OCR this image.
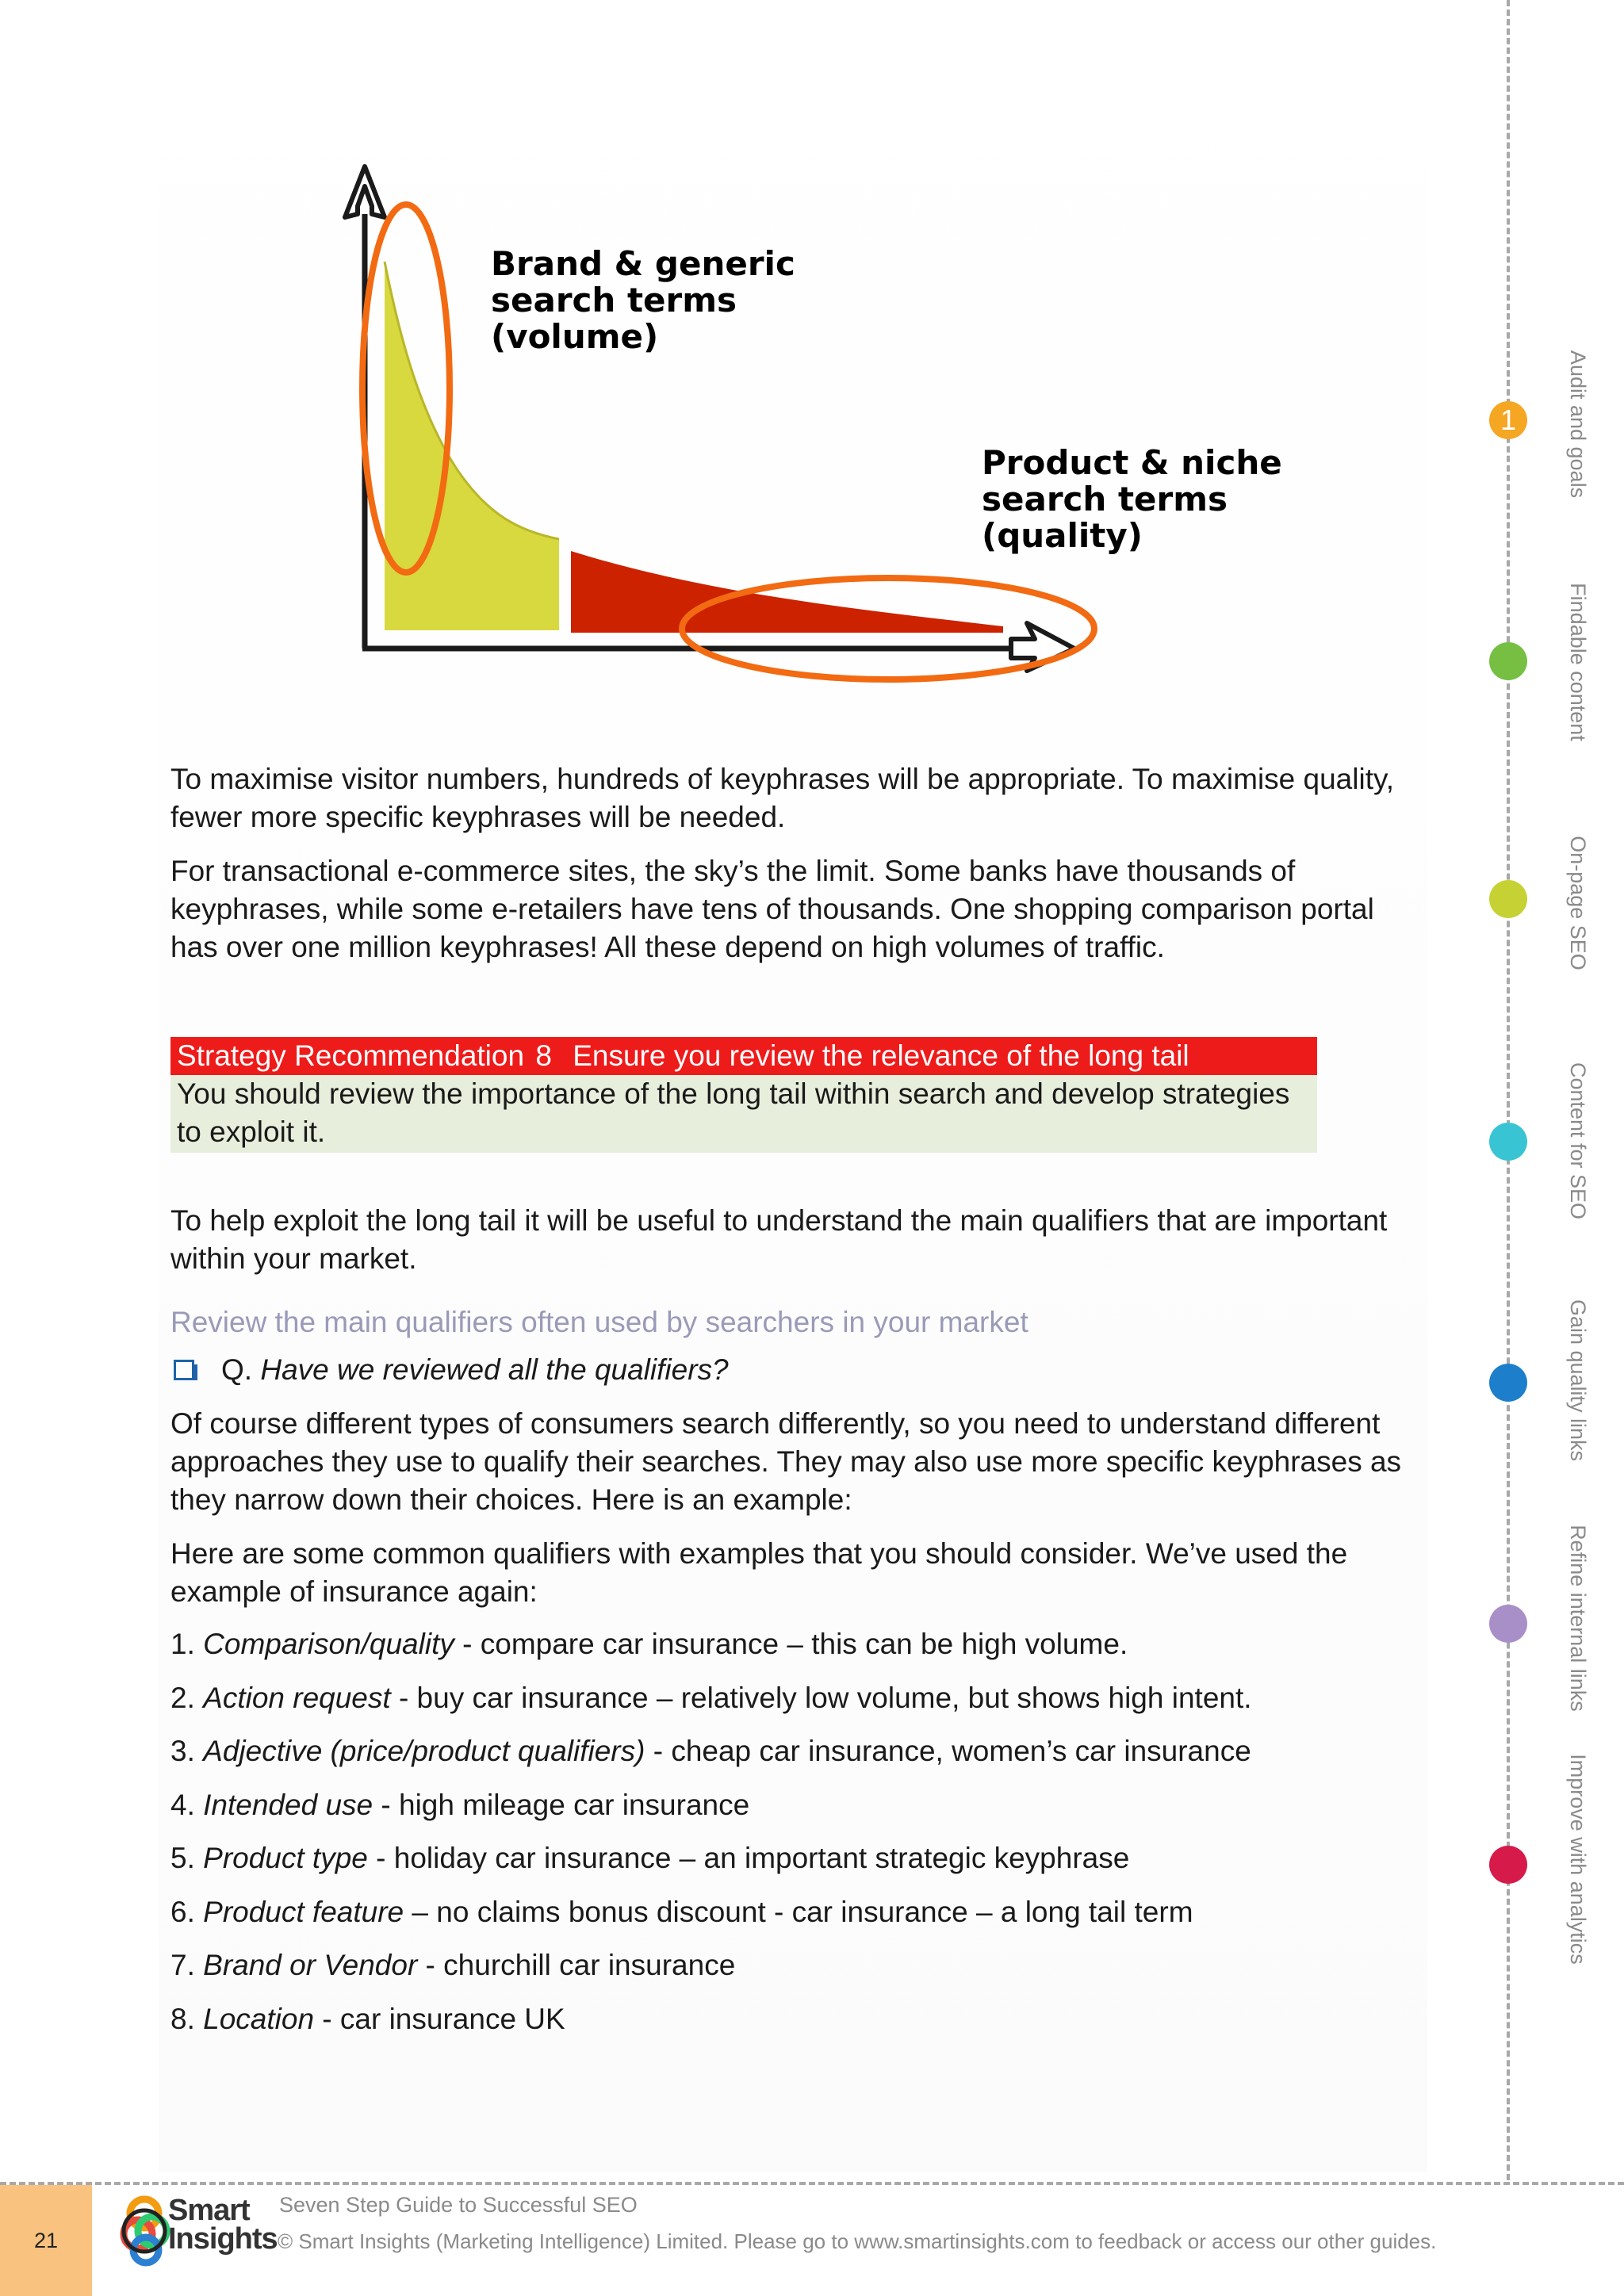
Brand & generic
search terms
(volume)
Product & niche
search terms
(quality)

To maximise visitor numbers, hundreds of keyphrases will be appropriate. To maximise quality, fewer more specific keyphrases will be needed.

For transactional e-commerce sites, the sky’s the limit. Some banks have thousands of keyphrases, while some e-retailers have tens of thousands. One shopping comparison portal has over one million keyphrases! All these depend on high volumes of traffic.

Strategy Recommendation 8 Ensure you review the relevance of the long tail
You should review the importance of the long tail within search and develop strategies to exploit it.

To help exploit the long tail it will be useful to understand the main qualifiers that are important within your market.

Review the main qualifiers often used by searchers in your market

Q.
Have we reviewed all the qualifiers?

Of course different types of consumers search differently, so you need to understand different approaches they use to qualify their searches. They may also use more specific keyphrases as they narrow down their choices. Here is an example:

Here are some common qualifiers with examples that you should consider. We’ve used the example of insurance again:

1. Comparison/quality - compare car insurance – this can be high volume.
2. Action request - buy car insurance – relatively low volume, but shows high intent.
3. Adjective (price/product qualifiers) - cheap car insurance, women’s car insurance
4. Intended use - high mileage car insurance
5. Product type - holiday car insurance – an important strategic keyphrase
6. Product feature – no claims bonus discount - car insurance – a long tail term
7. Brand or Vendor - churchill car insurance
8. Location - car insurance UK
1	Audit and goals
Findable content
On-page SEO
Content for SEO
Gain quality links
Refine internal links
Improve with analytics
21
Smart
Insights

Seven Step Guide to Successful SEO

© Smart Insights (Marketing Intelligence) Limited. Please go to www.smartinsights.com to feedback or access our other guides.
